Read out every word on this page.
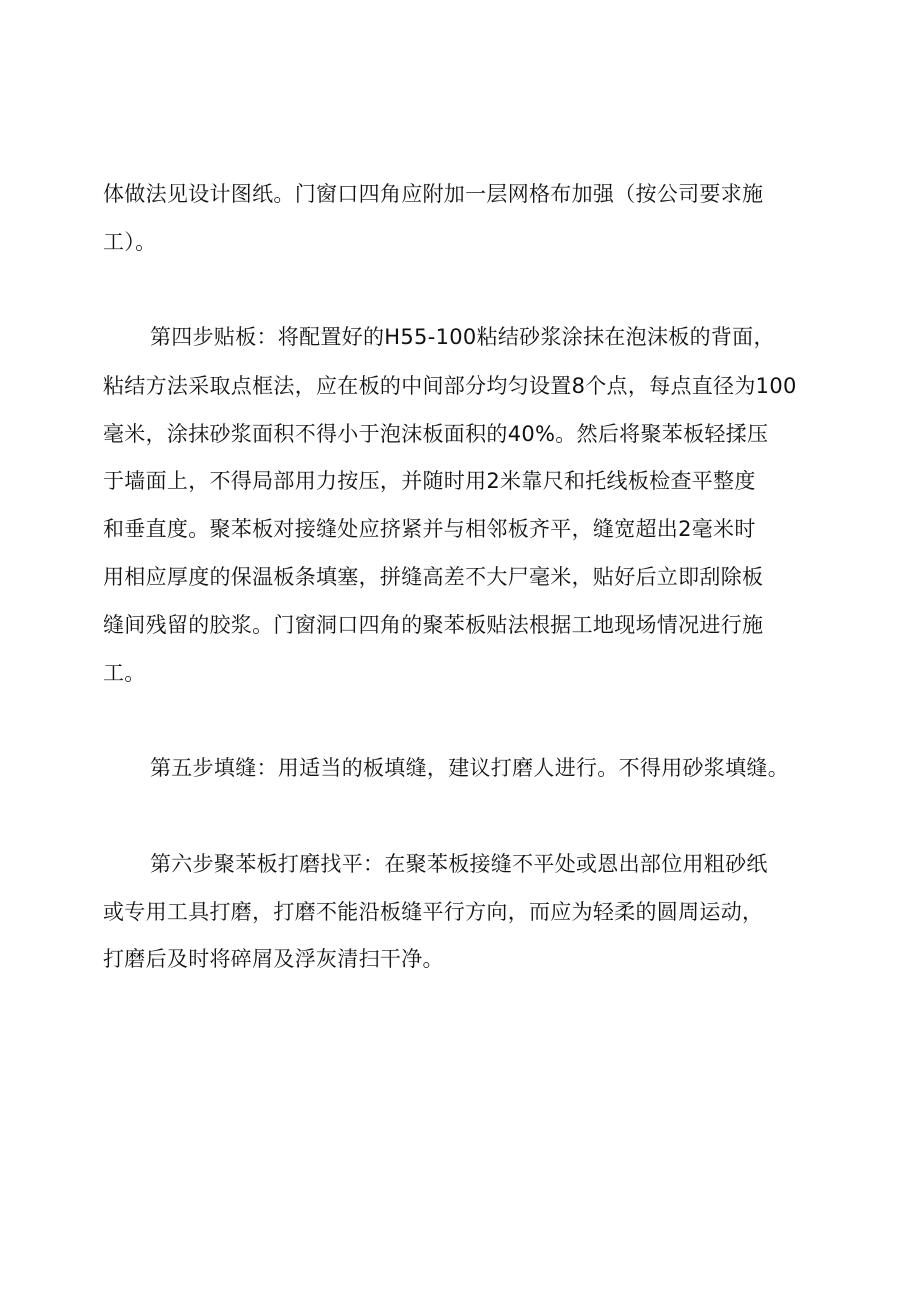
体做法见设计图纸。门窗口四角应附加一层网格布加强（按公司要求施
工）。
第四步贴板：将配置好的H55-100粘结砂浆涂抹在泡沫板的背面，
粘结方法采取点框法，应在板的中间部分均匀设置8个点，每点直径为100
毫米，涂抹砂浆面积不得小于泡沫板面积的40%。然后将聚苯板轻揉压
于墙面上，不得局部用力按压，并随时用2米靠尺和托线板检查平整度
和垂直度。聚苯板对接缝处应挤紧并与相邻板齐平，缝宽超出2毫米时
用相应厚度的保温板条填塞，拼缝高差不大尸毫米，贴好后立即刮除板
缝间残留的胶浆。门窗洞口四角的聚苯板贴法根据工地现场情况进行施
工。
第五步填缝：用适当的板填缝，建议打磨人进行。不得用砂浆填缝。
第六步聚苯板打磨找平：在聚苯板接缝不平处或恩出部位用粗砂纸
或专用工具打磨，打磨不能沿板缝平行方向，而应为轻柔的圆周运动，
打磨后及时将碎屑及浮灰清扫干净。
